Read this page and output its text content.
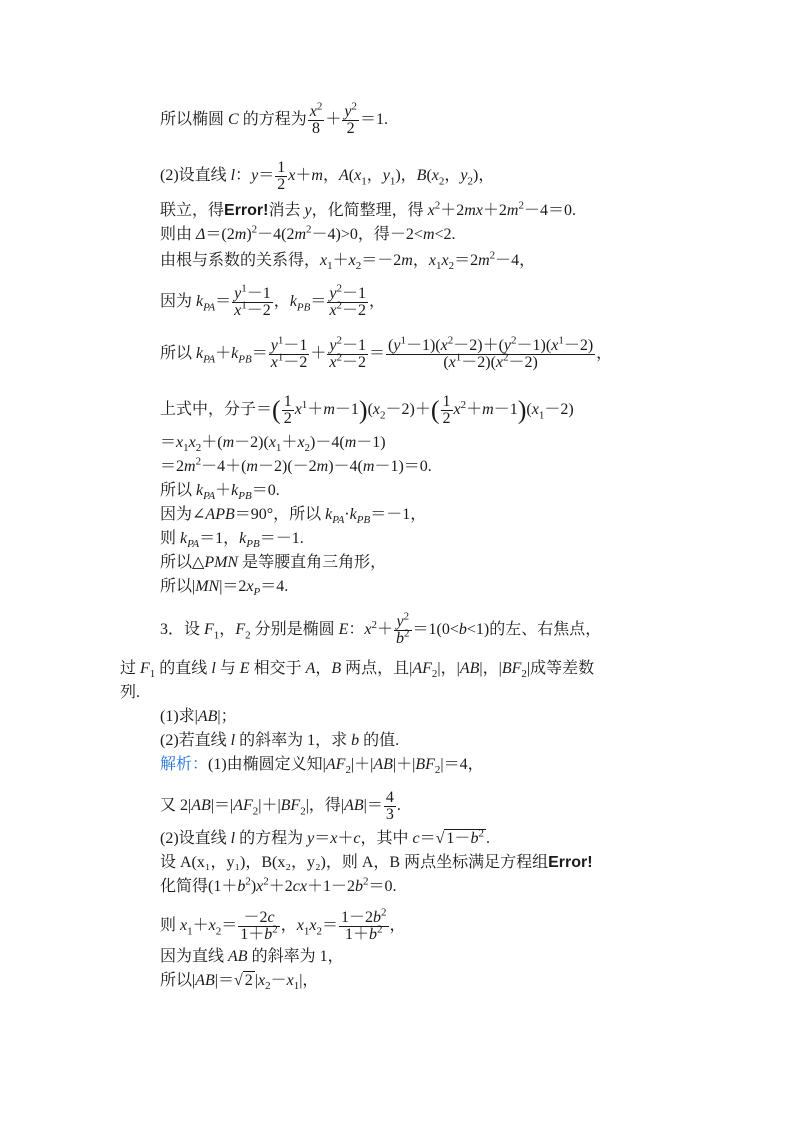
所以椭圆 C 的方程为 $\frac{x^2}{8} + \frac{y^2}{2} =1$.
(2)设直线 l：$y= \frac{1}{2} x+m$，$A(x_1$，$y_1$)，$B(x_2$，$y_2$)，
联立，得Error!消去 y，化简整理，得 $x^2+2mx+2m^2-4=0$.
则由 $\Delta=(2m)^2-4(2m^2-4)>0$，得－2<m<2.
由根与系数的关系得，$x_1+x_2=-2m$，$x_1x_2=2m^2-4$，
因为 $k_{PA}= \frac{y^1-1}{x^1-2}$ ，$k_{PB}= \frac{y^2-1}{x^2-2}$ ，
所以 $k_{PA}+k_{PB}= \frac{y^1-1}{x^1-2} + \frac{y^2-1}{x^2-2} = \frac{(y^1-1)(x^2-2)+(y^2-1)(x^1-2)}{(x^1-2)(x^2-2)}$ ，
上式中，分子＝( $\frac{1}{2} x^1+m-1)(x_2-2)+( \frac{1}{2} x^2+m-1)(x_1-2)$
$=x_1x_2+(m-2)(x_1+x_2)-4(m-1)$
$=2m^2-4+(m-2)(-2m)-4(m-1)=0$.
所以 $k_{PA}+k_{PB}=0$.
因为∠APB＝90°，所以 $k_{PA}\cdot k_{PB}=-1$，
则 $k_{PA}=1$，$k_{PB}=-1$.
所以△PMN 是等腰直角三角形，
所以$|MN|=2x_P=4$.
3．设 $F_1$，$F_2$ 分别是椭圆 E：$x^2+ \frac{y^2}{b^2} =1(0<b<1)$的左、右焦点，
过 $F_1$ 的直线 l 与 E 相交于 A，B 两点，且$|AF_2|$，|AB|，$|BF_2|$成等差数
列.
(1)求|AB|；
(2)若直线 l 的斜率为 1，求 b 的值.
解析：(1)由椭圆定义知$|AF_2|+|AB|+|BF_2|=4$，
又 $2|AB|=|AF_2|+|BF_2|$，得$|AB|= \frac{4}{3}$ .
(2)设直线 l 的方程为 y＝x＋c，其中 c＝√ $1-b^2$ .
设 A(x₁，y₁)，B(x₂，y₂)，则 A，B 两点坐标满足方程组Error!
化简得$(1+b^2)x^2+2cx+1-2b^2=0$.
则 $x_1+x_2= \frac{-2c}{1+b^2}$ ，$x_1x_2= \frac{1-2b^2}{1+b^2}$ ，
因为直线 AB 的斜率为 1，
所以|AB|＝√ 2 $|x_2-x_1|$，
